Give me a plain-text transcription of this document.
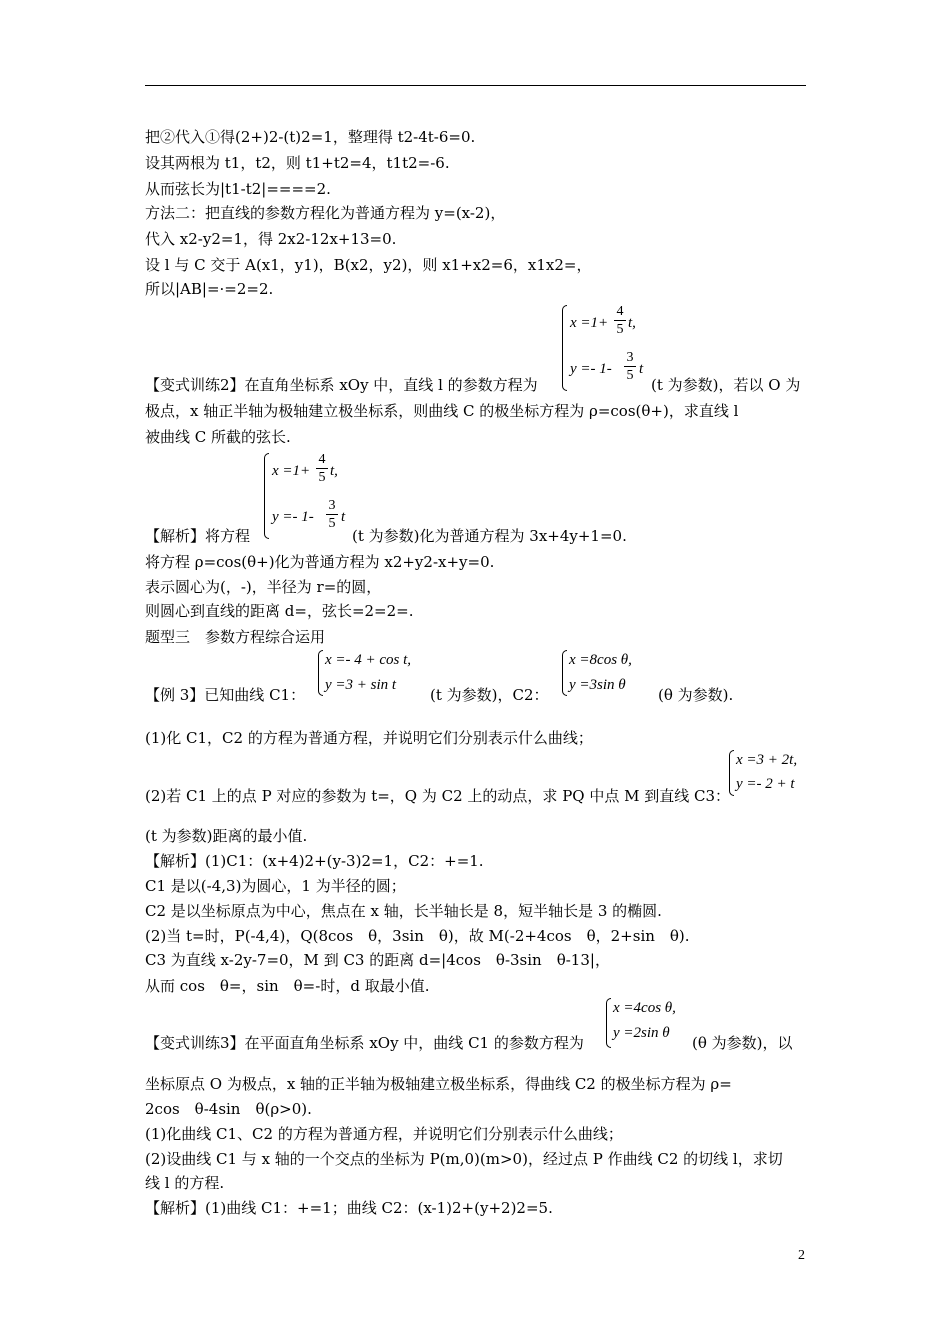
把②代入①得(2+)2-(t)2=1，整理得 t2-4t-6=0.
设其两根为 t1，t2，则 t1+t2=4，t1t2=-6.
从而弦长为|t1-t2|====2.
方法二：把直线的参数方程化为普通方程为 y=(x-2)，
代入 x2-y2=1，得 2x2-12x+13=0.
设 l 与 C 交于 A(x1，y1)，B(x2，y2)，则 x1+x2=6，x1x2=，
所以|AB|=·=2=2.
x =1+
4
5 t,
y =- 1-
3
5 t
【变式训练2】在直角坐标系 xOy 中，直线 l 的参数方程为	(t 为参数)，若以 O 为
极点，x 轴正半轴为极轴建立极坐标系，则曲线 C 的极坐标方程为 ρ=cos(θ+)，求直线 l
被曲线 C 所截的弦长.
x =1+
4
5 t,
y =- 1-
3
5 t
【解析】将方程	(t 为参数)化为普通方程为 3x+4y+1=0.
将方程 ρ=cos(θ+)化为普通方程为 x2+y2-x+y=0.
表示圆心为(，-)，半径为 r=的圆，
则圆心到直线的距离 d=，弦长=2=2=.
题型三　参数方程综合运用
x =- 4 + cos t,
y =3 + sin t
x =8cos θ,
y =3sin θ
【例 3】已知曲线 C1：	(t 为参数)，C2：	(θ 为参数).
(1)化 C1，C2 的方程为普通方程，并说明它们分别表示什么曲线；
x =3 + 2t,
y =- 2 + t
(2)若 C1 上的点 P 对应的参数为 t=，Q 为 C2 上的动点，求 PQ 中点 M 到直线 C3：
(t 为参数)距离的最小值.
【解析】(1)C1：(x+4)2+(y-3)2=1，C2：+=1.
C1 是以(-4,3)为圆心，1 为半径的圆；
C2 是以坐标原点为中心，焦点在 x 轴，长半轴长是 8，短半轴长是 3 的椭圆.
(2)当 t=时，P(-4,4)，Q(8cos　θ，3sin　θ)，故 M(-2+4cos　θ，2+sin　θ).
C3 为直线 x-2y-7=0，M 到 C3 的距离 d=|4cos　θ-3sin　θ-13|，
从而 cos　θ=，sin　θ=-时，d 取最小值.
x =4cos θ,
y =2sin θ
【变式训练3】在平面直角坐标系 xOy 中，曲线 C1 的参数方程为	(θ 为参数)，以
坐标原点 O 为极点，x 轴的正半轴为极轴建立极坐标系，得曲线 C2 的极坐标方程为 ρ=
2cos　θ-4sin　θ(ρ>0).
(1)化曲线 C1、C2 的方程为普通方程，并说明它们分别表示什么曲线；
(2)设曲线 C1 与 x 轴的一个交点的坐标为 P(m,0)(m>0)，经过点 P 作曲线 C2 的切线 l，求切
线 l 的方程.
【解析】(1)曲线 C1：+=1；曲线 C2：(x-1)2+(y+2)2=5.
2
